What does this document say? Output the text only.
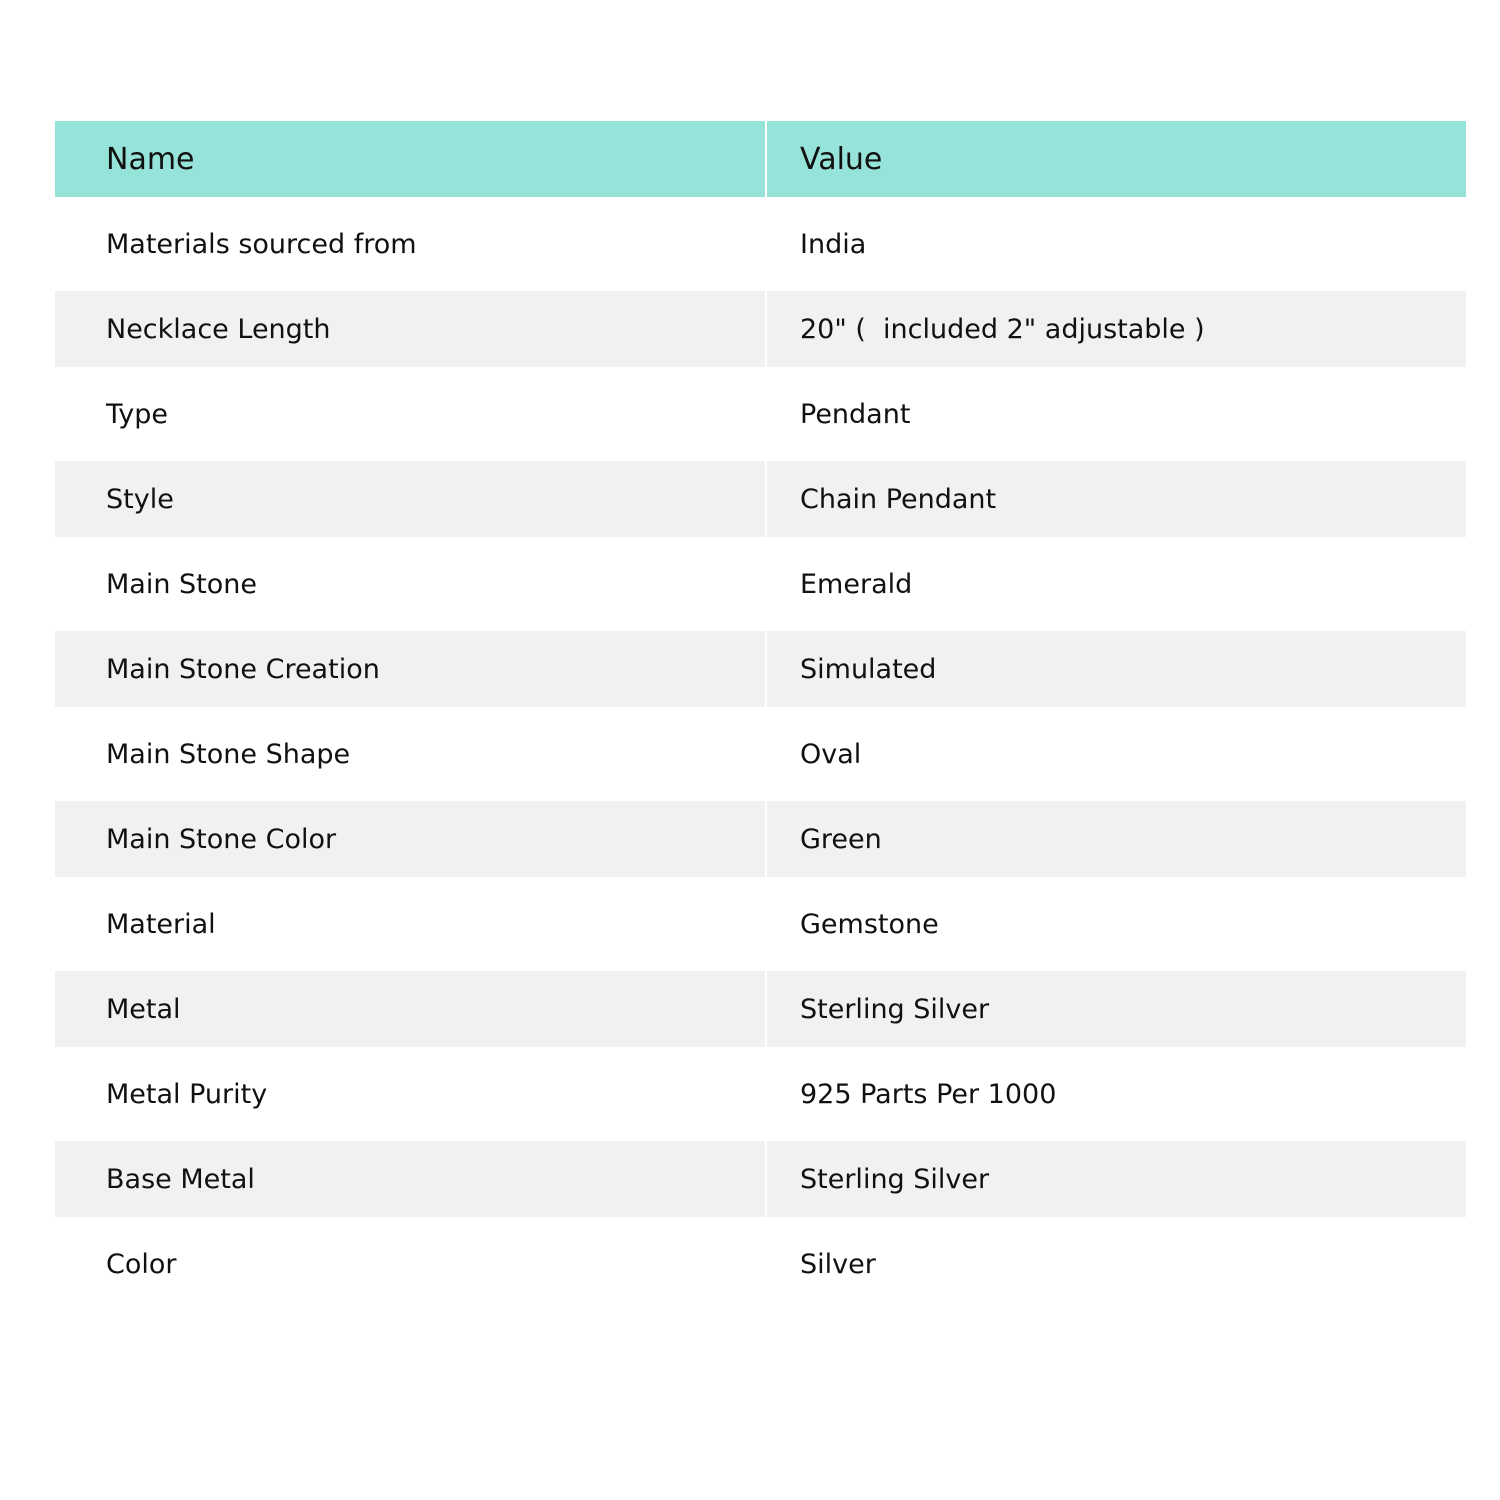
Name	Value
Materials sourced from	India
Necklace Length	20" (  included 2" adjustable )
Type	Pendant
Style	Chain Pendant
Main Stone	Emerald
Main Stone Creation	Simulated
Main Stone Shape	Oval
Main Stone Color	Green
Material	Gemstone
Metal	Sterling Silver
Metal Purity	925 Parts Per 1000
Base Metal	Sterling Silver
Color	Silver
